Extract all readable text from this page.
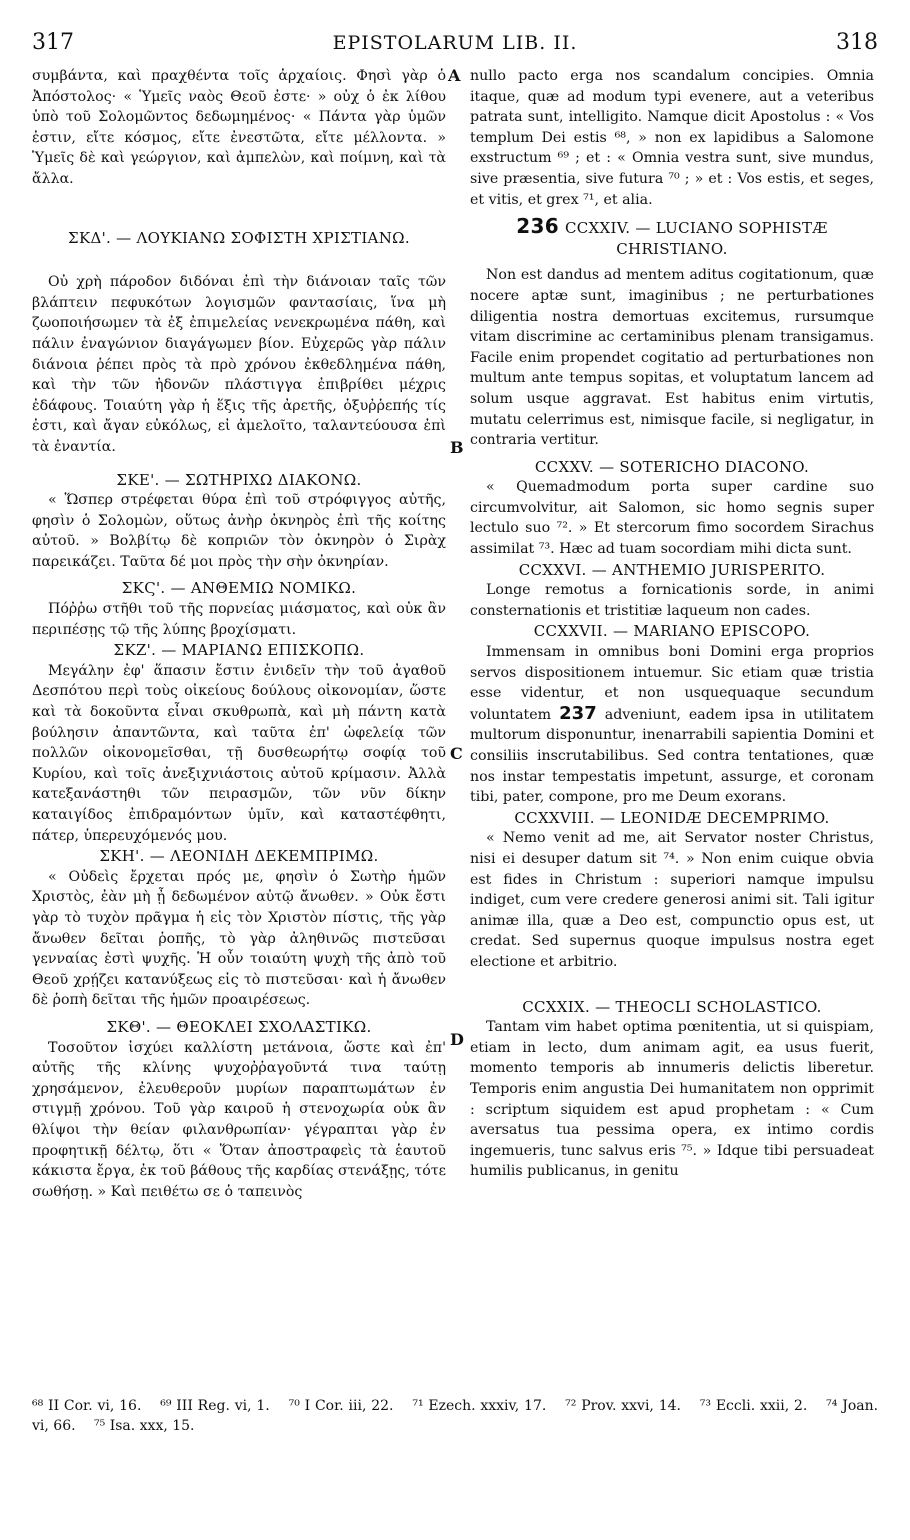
317	EPISTOLARUM LIB. II.	318
A
B
C
D

συμβάντα, καὶ πραχθέντα τοῖς ἀρχαίοις. Φησὶ γὰρ ὁ Ἀπόστολος· « Ὑμεῖς ναὸς Θεοῦ ἐστε· » οὐχ ὁ ἐκ λίθου ὑπὸ τοῦ Σολομῶντος δεδωμημένος· « Πάντα γὰρ ὑμῶν ἐστιν, εἴτε κόσμος, εἴτε ἐνεστῶτα, εἴτε μέλλοντα. » Ὑμεῖς δὲ καὶ γεώργιον, καὶ ἀμπελὼν, καὶ ποίμνη, καὶ τὰ ἄλλα.

ΣΚΔ'. — ΛΟΥΚΙΑΝΩ ΣΟΦΙΣΤΗ ΧΡΙΣΤΙΑΝΩ.

Οὐ χρὴ πάροδον διδόναι ἐπὶ τὴν διάνοιαν ταῖς τῶν βλάπτειν πεφυκότων λογισμῶν φαντασίαις, ἵνα μὴ ζωοποιήσωμεν τὰ ἐξ ἐπιμελείας νενεκρωμένα πάθη, καὶ πάλιν ἐναγώνιον διαγάγωμεν βίον. Εὐχερῶς γὰρ πάλιν διάνοια ῥέπει πρὸς τὰ πρὸ χρόνου ἐκθεδλημένα πάθη, καὶ τὴν τῶν ἡδονῶν πλάστιγγα ἐπιβρίθει μέχρις ἐδάφους. Τοιαύτη γὰρ ἡ ἕξις τῆς ἀρετῆς, ὀξυῤῥεπής τίς ἐστι, καὶ ἄγαν εὐκόλως, εἰ ἀμελοῖτο, ταλαντεύουσα ἐπὶ τὰ ἐναντία.

ΣΚΕ'. — ΣΩΤΗΡΙΧΩ ΔΙΑΚΟΝΩ.

« Ὥσπερ στρέφεται θύρα ἐπὶ τοῦ στρόφιγγος αὐτῆς, φησὶν ὁ Σολομὼν, οὕτως ἀνὴρ ὀκνηρὸς ἐπὶ τῆς κοίτης αὐτοῦ. » Βολβίτῳ δὲ κοπριῶν τὸν ὀκνηρὸν ὁ Σιρὰχ παρεικάζει. Ταῦτα δέ μοι πρὸς τὴν σὴν ὀκνηρίαν.

ΣΚϚ'. — ΑΝΘΕΜΙΩ ΝΟΜΙΚΩ.

Πόῤῥω στῆθι τοῦ τῆς πορνείας μιάσματος, καὶ οὐκ ἂν περιπέσῃς τῷ τῆς λύπης βροχίσματι.

ΣΚΖ'. — ΜΑΡΙΑΝΩ ΕΠΙΣΚΟΠΩ.

Μεγάλην ἐφ' ἅπασιν ἔστιν ἐνιδεῖν τὴν τοῦ ἀγαθοῦ Δεσπότου περὶ τοὺς οἰκείους δούλους οἰκονομίαν, ὥστε καὶ τὰ δοκοῦντα εἶναι σκυθρωπὰ, καὶ μὴ πάντη κατὰ βούλησιν ἀπαντῶντα, καὶ ταῦτα ἐπ' ὠφελείᾳ τῶν πολλῶν οἰκονομεῖσθαι, τῇ δυσθεωρήτῳ σοφίᾳ τοῦ Κυρίου, καὶ τοῖς ἀνεξιχνιάστοις αὐτοῦ κρίμασιν. Ἀλλὰ κατεξανάστηθι τῶν πειρασμῶν, τῶν νῦν δίκην καταιγίδος ἐπιδραμόντων ὑμῖν, καὶ καταστέφθητι, πάτερ, ὑπερευχόμενός μου.

ΣΚΗ'. — ΛΕΟΝΙΔΗ ΔΕΚΕΜΠΡΙΜΩ.

« Οὐδεὶς ἔρχεται πρός με, φησὶν ὁ Σωτὴρ ἡμῶν Χριστὸς, ἐὰν μὴ ᾖ δεδωμένον αὐτῷ ἄνωθεν. » Οὐκ ἔστι γὰρ τὸ τυχὸν πρᾶγμα ἡ εἰς τὸν Χριστὸν πίστις, τῆς γὰρ ἄνωθεν δεῖται ῥοπῆς, τὸ γὰρ ἀληθινῶς πιστεῦσαι γενναίας ἐστὶ ψυχῆς. Ἡ οὖν τοιαύτη ψυχὴ τῆς ἀπὸ τοῦ Θεοῦ χρῄζει κατανύξεως εἰς τὸ πιστεῦσαι· καὶ ἡ ἄνωθεν δὲ ῥοπὴ δεῖται τῆς ἡμῶν προαιρέσεως.

ΣΚΘ'. — ΘΕΟΚΛΕΙ ΣΧΟΛΑΣΤΙΚΩ.

Τοσοῦτον ἰσχύει καλλίστη μετάνοια, ὥστε καὶ ἐπ' αὐτῆς τῆς κλίνης ψυχοῤῥαγοῦντά τινα ταύτῃ χρησάμενον, ἐλευθεροῦν μυρίων παραπτωμάτων ἐν στιγμῇ χρόνου. Τοῦ γὰρ καιροῦ ἡ στενοχωρία οὐκ ἂν θλίψοι τὴν θείαν φιλανθρωπίαν· γέγραπται γὰρ ἐν προφητικῇ δέλτῳ, ὅτι « Ὅταν ἀποστραφεὶς τὰ ἑαυτοῦ κάκιστα ἔργα, ἐκ τοῦ βάθους τῆς καρδίας στενάξῃς, τότε σωθήσῃ. » Καὶ πειθέτω σε ὁ ταπεινὸς

nullo pacto erga nos scandalum concipies. Omnia itaque, quæ ad modum typi evenere, aut a veteribus patrata sunt, intelligito. Namque dicit Apostolus : « Vos templum Dei estis ⁶⁸, » non ex lapidibus a Salomone exstructum ⁶⁹ ; et : « Omnia vestra sunt, sive mundus, sive præsentia, sive futura ⁷⁰ ; » et : Vos estis, et seges, et vitis, et grex ⁷¹, et alia.

236 CCXXIV. — LUCIANO SOPHISTÆ CHRISTIANO.

Non est dandus ad mentem aditus cogitationum, quæ nocere aptæ sunt, imaginibus ; ne perturbationes diligentia nostra demortuas excitemus, rursumque vitam discrimine ac certaminibus plenam transigamus. Facile enim propendet cogitatio ad perturbationes non multum ante tempus sopitas, et voluptatum lancem ad solum usque aggravat. Est habitus enim virtutis, mutatu celerrimus est, nimisque facile, si negligatur, in contraria vertitur.

CCXXV. — SOTERICHO DIACONO.

« Quemadmodum porta super cardine suo circumvolvitur, ait Salomon, sic homo segnis super lectulo suo ⁷². » Et stercorum fimo socordem Sirachus assimilat ⁷³. Hæc ad tuam socordiam mihi dicta sunt.

CCXXVI. — ANTHEMIO JURISPERITO.

Longe remotus a fornicationis sorde, in animi consternationis et tristitiæ laqueum non cades.

CCXXVII. — MARIANO EPISCOPO.

Immensam in omnibus boni Domini erga proprios servos dispositionem intuemur. Sic etiam quæ tristia esse videntur, et non usquequaque secundum voluntatem 237 adveniunt, eadem ipsa in utilitatem multorum disponuntur, inenarrabili sapientia Domini et consiliis inscrutabilibus. Sed contra tentationes, quæ nos instar tempestatis impetunt, assurge, et coronam tibi, pater, compone, pro me Deum exorans.

CCXXVIII. — LEONIDÆ DECEMPRIMO.

« Nemo venit ad me, ait Servator noster Christus, nisi ei desuper datum sit ⁷⁴. » Non enim cuique obvia est fides in Christum : superiori namque impulsu indiget, cum vere credere generosi animi sit. Tali igitur animæ illa, quæ a Deo est, compunctio opus est, ut credat. Sed supernus quoque impulsus nostra eget electione et arbitrio.

CCXXIX. — THEOCLI SCHOLASTICO.

Tantam vim habet optima pœnitentia, ut si quispiam, etiam in lecto, dum animam agit, ea usus fuerit, momento temporis ab innumeris delictis liberetur. Temporis enim angustia Dei humanitatem non opprimit : scriptum siquidem est apud prophetam : « Cum aversatus tua pessima opera, ex intimo cordis ingemueris, tunc salvus eris ⁷⁵. » Idque tibi persuadeat humilis publicanus, in genitu

⁶⁸ II Cor. vi, 16. ⁶⁹ III Reg. vi, 1. ⁷⁰ I Cor. iii, 22. ⁷¹ Ezech. xxxiv, 17. ⁷² Prov. xxvi, 14. ⁷³ Eccli. xxii, 2. ⁷⁴ Joan. vi, 66. ⁷⁵ Isa. xxx, 15.
